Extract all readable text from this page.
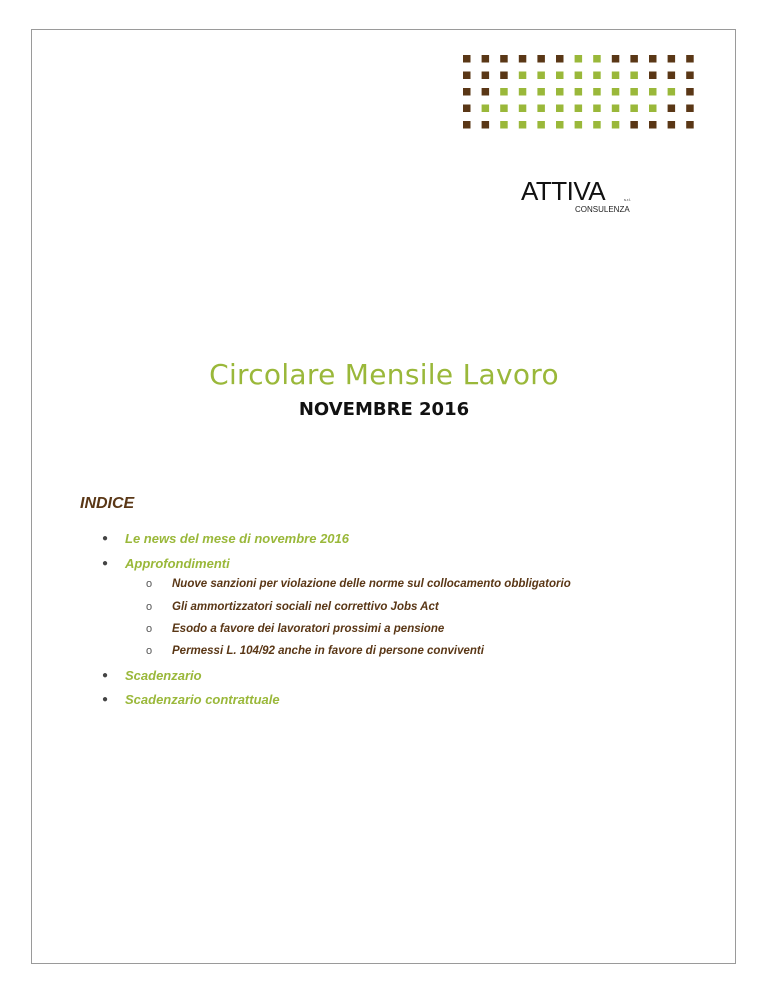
ATTIVA	s.r.l.
CONSULENZA
Circolare Mensile Lavoro
NOVEMBRE 2016
INDICE
● Le news del mese di novembre 2016
● Approfondimenti
o Nuove sanzioni per violazione delle norme sul collocamento obbligatorio
o Gli ammortizzatori sociali nel correttivo Jobs Act
o Esodo a favore dei lavoratori prossimi a pensione
o Permessi L. 104/92 anche in favore di persone conviventi
● Scadenzario
● Scadenzario contrattuale
